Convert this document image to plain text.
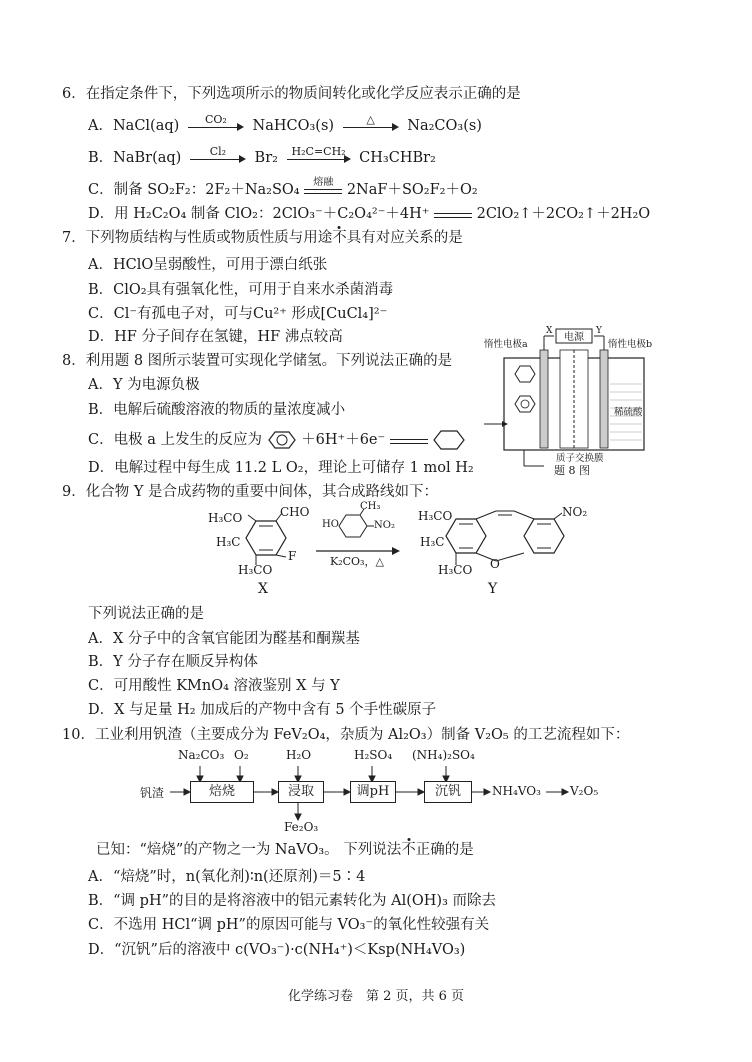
6．在指定条件下，下列选项所示的物质间转化或化学反应表示正确的是
A．NaCl(aq)	CO₂	NaHCO₃(s)	△	Na₂CO₃(s)
B．NaBr(aq)	Cl₂	Br₂	H₂C=CH₂ CH₃CHBr₂
C．制备 SO₂F₂：2F₂＋Na₂SO₄	熔融 2NaF＋SO₂F₂＋O₂
D．用 H₂C₂O₄ 制备 ClO₂：2ClO₃⁻＋C₂O₄²⁻＋4H⁺	2ClO₂↑＋2CO₂↑＋2H₂O
7．下列物质结构与性质或物质性质与用途不具有对应关系的是
A．HClO呈弱酸性，可用于漂白纸张
B．ClO₂具有强氧化性，可用于自来水杀菌消毒
C．Cl⁻有孤电子对，可与Cu²⁺ 形成[CuCl₄]²⁻
D．HF 分子间存在氢键，HF 沸点较高
8．利用题 8 图所示装置可实现化学储氢。下列说法正确的是
A．Y 为电源负极
B．电解后硫酸溶液的物质的量浓度减小
C．电极 a 上发生的反应为	＋6H⁺＋6e⁻

D．电解过程中每生成 11.2 L O₂，理论上可储存 1 mol H₂
电源
X	Y
惰性电极a	惰性电极b
稀硫酸
质子交换膜
题 8 图
9．化合物 Y 是合成药物的重要中间体，其合成路线如下：
H₃CO	CHO
H₃C
F
H₃CO
X
HO
CH₃
NO₂
K₂CO₃，△
H₃CO	NO₂
H₃C
O
H₃CO
Y
下列说法正确的是
A．X 分子中的含氧官能团为醛基和酮羰基
B．Y 分子存在顺反异构体
C．可用酸性 KMnO₄ 溶液鉴别 X 与 Y
D．X 与足量 H₂ 加成后的产物中含有 5 个手性碳原子
10．工业利用钒渣（主要成分为 FeV₂O₄，杂质为 Al₂O₃）制备 V₂O₅ 的工艺流程如下：
钒渣	焙烧	浸取	调pH	沉钒
Na₂CO₃ O₂	H₂O	H₂SO₄ (NH₄)₂SO₄
Fe₂O₃
NH₄VO₃ V₂O₅
已知：“焙烧”的产物之一为 NaVO₃。 下列说法不正确的是
A．“焙烧”时，n(氧化剂)∶n(还原剂)＝5∶4
B．“调 pH”的目的是将溶液中的铝元素转化为 Al(OH)₃ 而除去
C．不选用 HCl“调 pH”的原因可能与 VO₃⁻的氧化性较强有关
D．“沉钒”后的溶液中 c(VO₃⁻)·c(NH₄⁺)＜Ksp(NH₄VO₃)
化学练习卷　第 2 页，共 6 页
